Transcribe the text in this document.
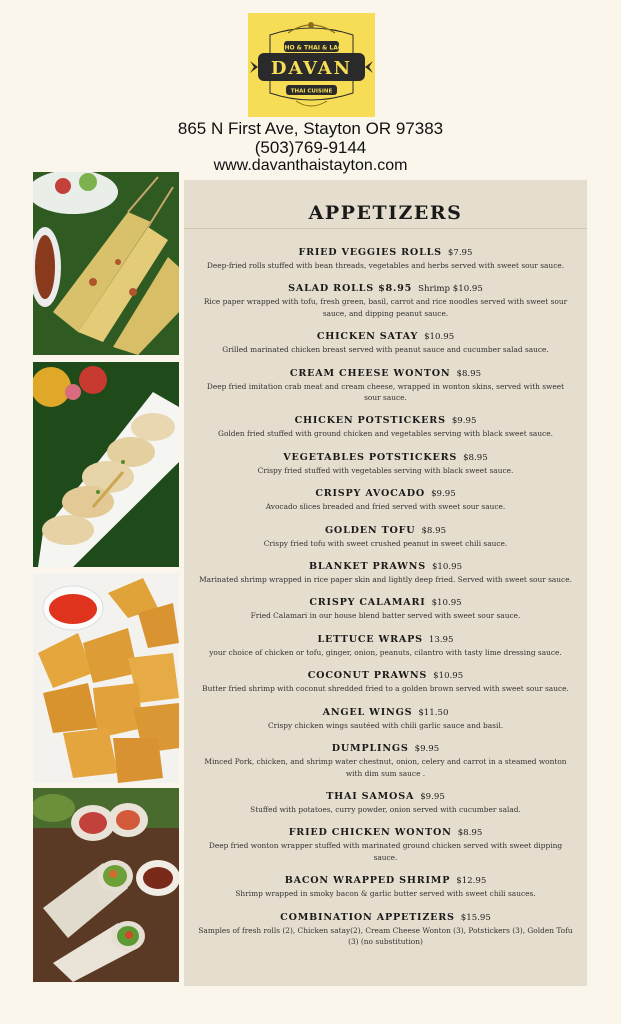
PHO & THAI & LAO
DAVAN
THAI CUISINE
865 N First Ave, Stayton OR 97383
(503)769-9144
www.davanthaistayton.com
APPETIZERS
FRIED VEGGIES ROLLS $7.95
Deep-fried rolls stuffed with bean threads, vegetables and herbs served with sweet sour sauce.
SALAD ROLLS $8.95 Shrimp $10.95
Rice paper wrapped with tofu, fresh green, basil, carrot and rice noodles served with sweet sour sauce, and dipping peanut sauce.
CHICKEN SATAY $10.95
Grilled marinated chicken breast served with peanut sauce and cucumber salad sauce.
CREAM CHEESE WONTON $8.95
Deep fried imitation crab meat and cream cheese, wrapped in wonton skins, served with sweet sour sauce.
CHICKEN POTSTICKERS $9.95
Golden fried stuffed with ground chicken and vegetables serving with black sweet sauce.
VEGETABLES POTSTICKERS $8.95
Crispy fried stuffed with vegetables serving with black sweet sauce.
CRISPY AVOCADO $9.95
Avocado slices breaded and fried served with sweet sour sauce.
GOLDEN TOFU $8.95
Crispy fried tofu with sweet crushed peanut in sweet chili sauce.
BLANKET PRAWNS $10.95
Marinated shrimp wrapped in rice paper skin and lightly deep fried. Served with sweet sour sauce.
CRISPY CALAMARI $10.95
Fried Calamari in our house blend batter served with sweet sour sauce.
LETTUCE WRAPS 13.95
your choice of chicken or tofu, ginger, onion, peanuts, cilantro with tasty lime dressing sauce.
COCONUT PRAWNS $10.95
Butter fried shrimp with coconut shredded fried to a golden brown served with sweet sour sauce.
ANGEL WINGS $11.50
Crispy chicken wings sautéed with chili garlic sauce and basil.
DUMPLINGS $9.95
Minced Pork, chicken, and shrimp water chestnut, onion, celery and carrot in a steamed wonton with dim sum sauce .
THAI SAMOSA $9.95
Stuffed with potatoes, curry powder, onion served with cucumber salad.
FRIED CHICKEN WONTON $8.95
Deep fried wonton wrapper stuffed with marinated ground chicken served with sweet dipping sauce.
BACON WRAPPED SHRIMP $12.95
Shrimp wrapped in smoky bacon & garlic butter served with sweet chili sauces.
COMBINATION APPETIZERS $15.95
Samples of fresh rolls (2), Chicken satay(2), Cream Cheese Wonton (3), Potstickers (3), Golden Tofu (3) (no substitution)
